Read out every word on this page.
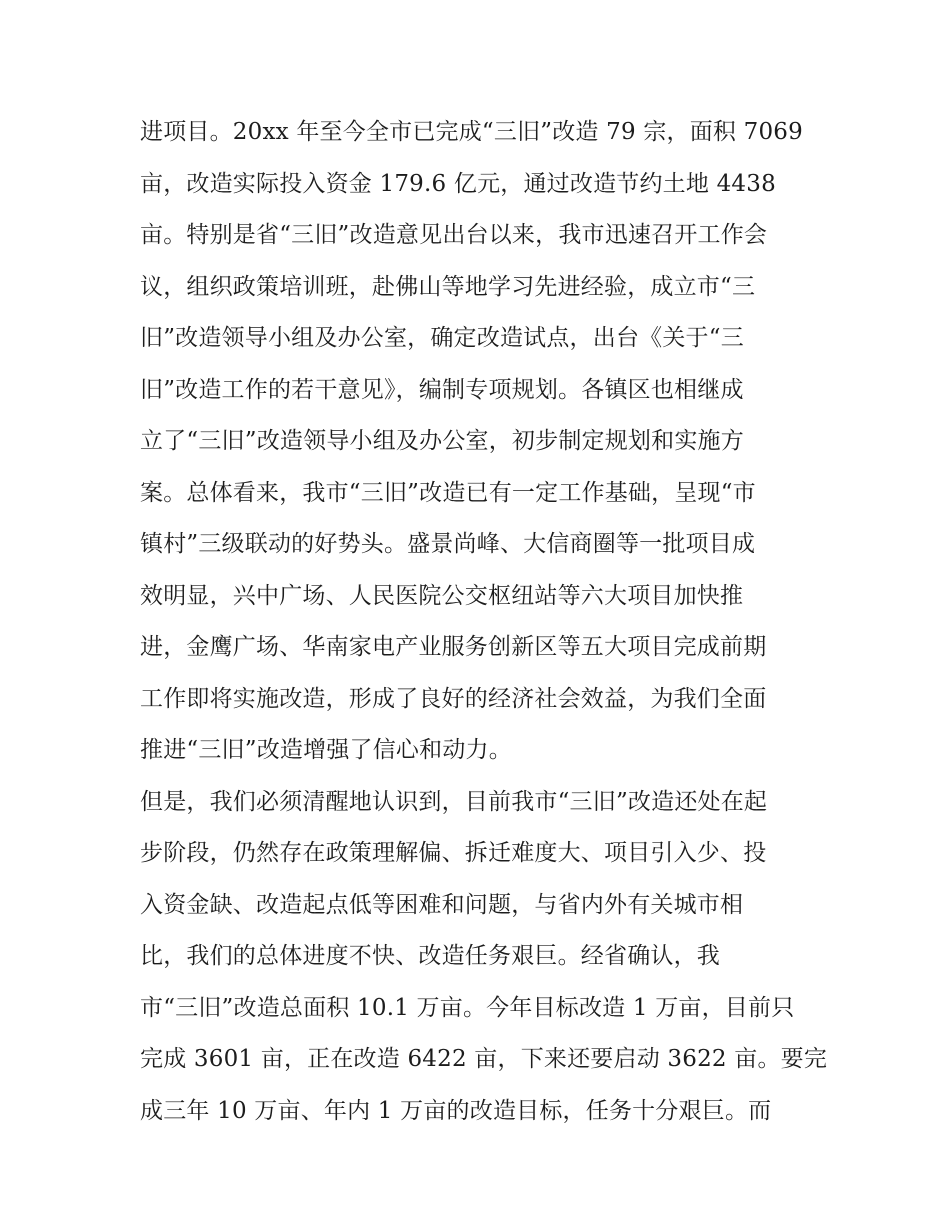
进项目。20xx 年至今全市已完成“三旧”改造 79 宗，面积 7069
亩，改造实际投入资金 179.6 亿元，通过改造节约土地 4438
亩。特别是省“三旧”改造意见出台以来，我市迅速召开工作会
议，组织政策培训班，赴佛山等地学习先进经验，成立市“三
旧”改造领导小组及办公室，确定改造试点，出台《关于“三
旧”改造工作的若干意见》，编制专项规划。各镇区也相继成
立了“三旧”改造领导小组及办公室，初步制定规划和实施方
案。总体看来，我市“三旧”改造已有一定工作基础，呈现“市
镇村”三级联动的好势头。盛景尚峰、大信商圈等一批项目成
效明显，兴中广场、人民医院公交枢纽站等六大项目加快推
进，金鹰广场、华南家电产业服务创新区等五大项目完成前期
工作即将实施改造，形成了良好的经济社会效益，为我们全面
推进“三旧”改造增强了信心和动力。
但是，我们必须清醒地认识到，目前我市“三旧”改造还处在起
步阶段，仍然存在政策理解偏、拆迁难度大、项目引入少、投
入资金缺、改造起点低等困难和问题，与省内外有关城市相
比，我们的总体进度不快、改造任务艰巨。经省确认，我
市“三旧”改造总面积 10.1 万亩。今年目标改造 1 万亩，目前只
完成 3601 亩，正在改造 6422 亩，下来还要启动 3622 亩。要完
成三年 10 万亩、年内 1 万亩的改造目标，任务十分艰巨。而
